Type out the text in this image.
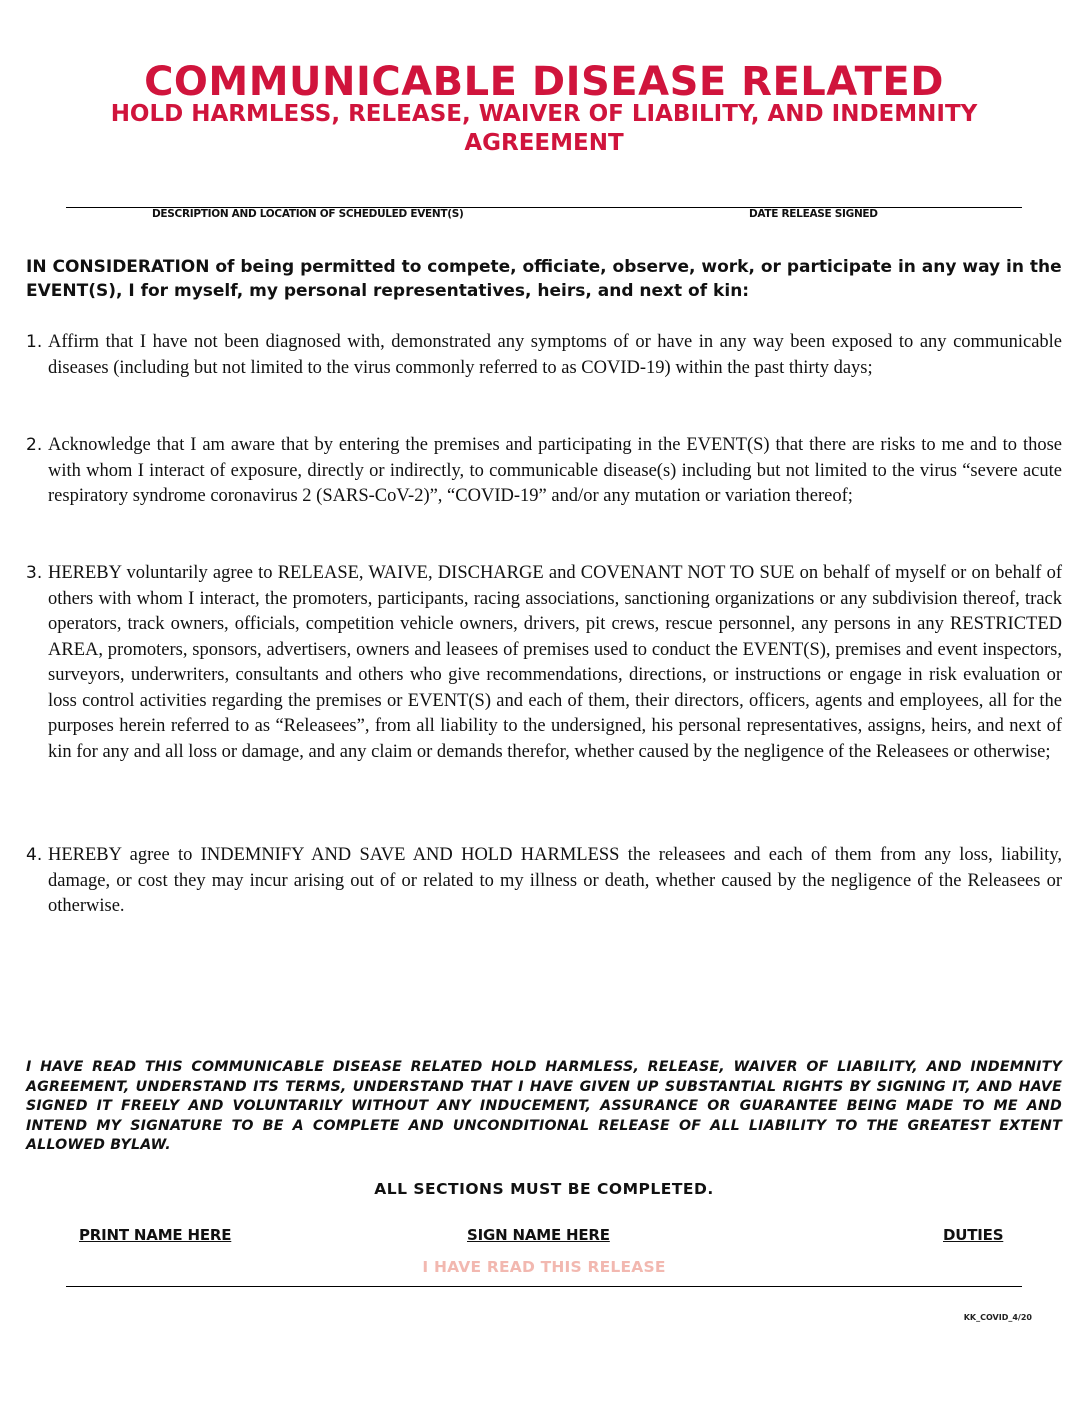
COMMUNICABLE DISEASE RELATED
HOLD HARMLESS, RELEASE, WAIVER OF LIABILITY, AND INDEMNITY AGREEMENT
DESCRIPTION AND LOCATION OF SCHEDULED EVENT(S)	DATE RELEASE SIGNED
IN CONSIDERATION of being permitted to compete, officiate, observe, work, or participate in any way in the EVENT(S), I for myself, my personal representatives, heirs, and next of kin:
1. Affirm that I have not been diagnosed with, demonstrated any symptoms of or have in any way been exposed to any communicable diseases (including but not limited to the virus commonly referred to as COVID-19) within the past thirty days;
2. Acknowledge that I am aware that by entering the premises and participating in the EVENT(S) that there are risks to me and to those with whom I interact of exposure, directly or indirectly, to communicable disease(s) including but not limited to the virus “severe acute respiratory syndrome coronavirus 2 (SARS-CoV-2)”, “COVID-19” and/or any mutation or variation thereof;
3. HEREBY voluntarily agree to RELEASE, WAIVE, DISCHARGE and COVENANT NOT TO SUE on behalf of myself or on behalf of others with whom I interact, the promoters, participants, racing associations, sanctioning organizations or any subdivision thereof, track operators, track owners, officials, competition vehicle owners, drivers, pit crews, rescue personnel, any persons in any RESTRICTED AREA, promoters, sponsors, advertisers, owners and leasees of premises used to conduct the EVENT(S), premises and event inspectors, surveyors, underwriters, consultants and others who give recommendations, directions, or instructions or engage in risk evaluation or loss control activities regarding the premises or EVENT(S) and each of them, their directors, officers, agents and employees, all for the purposes herein referred to as “Releasees”, from all liability to the undersigned, his personal representatives, assigns, heirs, and next of kin for any and all loss or damage, and any claim or demands therefor, whether caused by the negligence of the Releasees or otherwise;
4. HEREBY agree to INDEMNIFY AND SAVE AND HOLD HARMLESS the releasees and each of them from any loss, liability, damage, or cost they may incur arising out of or related to my illness or death, whether caused by the negligence of the Releasees or otherwise.
I HAVE READ THIS COMMUNICABLE DISEASE RELATED HOLD HARMLESS, RELEASE, WAIVER OF LIABILITY, AND INDEMNITY AGREEMENT, UNDERSTAND ITS TERMS, UNDERSTAND THAT I HAVE GIVEN UP SUBSTANTIAL RIGHTS BY SIGNING IT, AND HAVE SIGNED IT FREELY AND VOLUNTARILY WITHOUT ANY INDUCEMENT, ASSURANCE OR GUARANTEE BEING MADE TO ME AND INTEND MY SIGNATURE TO BE A COMPLETE AND UNCONDITIONAL RELEASE OF ALL LIABILITY TO THE GREATEST EXTENT ALLOWED BYLAW.
ALL SECTIONS MUST BE COMPLETED.
PRINT NAME HERE	SIGN NAME HERE	DUTIES
I HAVE READ THIS RELEASE
KK_COVID_4/20
